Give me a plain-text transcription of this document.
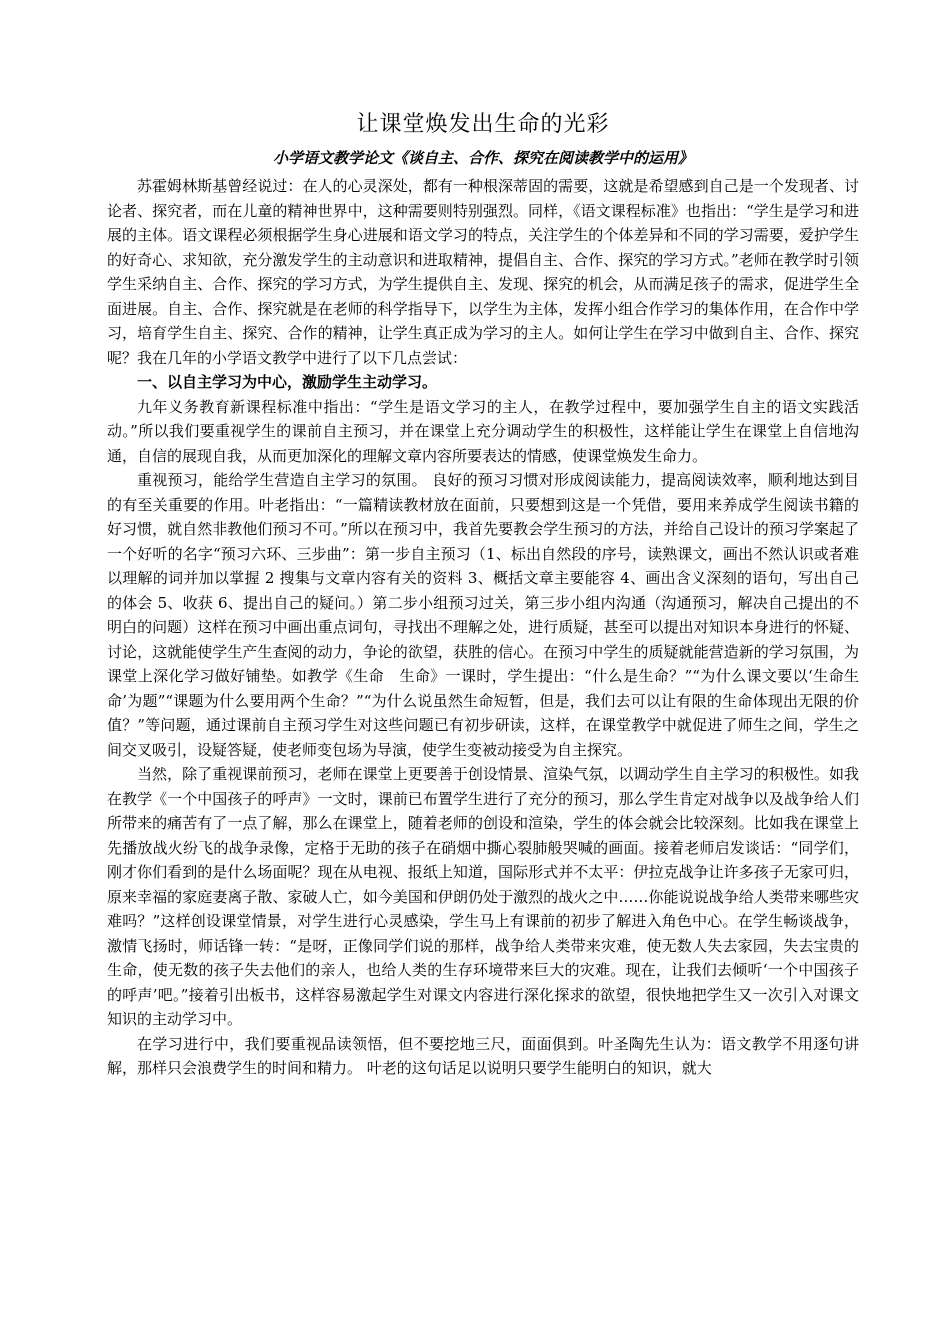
让课堂焕发出生命的光彩
小学语文教学论文《谈自主、合作、探究在阅读教学中的运用》

苏霍姆林斯基曾经说过：在人的心灵深处，都有一种根深蒂固的需要，这就是希望感到自己是一个发现者、讨论者、探究者，而在儿童的精神世界中，这种需要则特别强烈。同样，《语文课程标准》也指出：“学生是学习和进展的主体。语文课程必须根据学生身心进展和语文学习的特点，关注学生的个体差异和不同的学习需要，爱护学生的好奇心、求知欲，充分激发学生的主动意识和进取精神，提倡自主、合作、探究的学习方式。”老师在教学时引领学生采纳自主、合作、探究的学习方式，为学生提供自主、发现、探究的机会，从而满足孩子的需求，促进学生全面进展。自主、合作、探究就是在老师的科学指导下，以学生为主体，发挥小组合作学习的集体作用，在合作中学习，培育学生自主、探究、合作的精神，让学生真正成为学习的主人。如何让学生在学习中做到自主、合作、探究呢？我在几年的小学语文教学中进行了以下几点尝试：

一、以自主学习为中心，激励学生主动学习。

九年义务教育新课程标准中指出：“学生是语文学习的主人，在教学过程中，要加强学生自主的语文实践活动。”所以我们要重视学生的课前自主预习，并在课堂上充分调动学生的积极性，这样能让学生在课堂上自信地沟通，自信的展现自我，从而更加深化的理解文章内容所要表达的情感，使课堂焕发生命力。

重视预习，能给学生营造自主学习的氛围。 良好的预习习惯对形成阅读能力，提高阅读效率，顺利地达到目的有至关重要的作用。叶老指出：“一篇精读教材放在面前，只要想到这是一个凭借，要用来养成学生阅读书籍的好习惯，就自然非教他们预习不可。”所以在预习中，我首先要教会学生预习的方法，并给自己设计的预习学案起了一个好听的名字“预习六环、三步曲”：第一步自主预习（1、标出自然段的序号，读熟课文，画出不然认识或者难以理解的词并加以掌握 2 搜集与文章内容有关的资料 3、概括文章主要能容 4、画出含义深刻的语句，写出自己的体会 5、收获 6、提出自己的疑问。）第二步小组预习过关，第三步小组内沟通（沟通预习，解决自己提出的不明白的问题）这样在预习中画出重点词句，寻找出不理解之处，进行质疑，甚至可以提出对知识本身进行的怀疑、讨论，这就能使学生产生查阅的动力，争论的欲望，获胜的信心。在预习中学生的质疑就能营造新的学习氛围，为课堂上深化学习做好铺垫。如教学《生命　生命》一课时，学生提出：“什么是生命？”“为什么课文要以‘生命生命’为题”“课题为什么要用两个生命？”“为什么说虽然生命短暂，但是，我们去可以让有限的生命体现出无限的价值？”等问题，通过课前自主预习学生对这些问题已有初步研读，这样，在课堂教学中就促进了师生之间，学生之间交叉吸引，设疑答疑，使老师变包场为导演，使学生变被动接受为自主探究。

当然，除了重视课前预习，老师在课堂上更要善于创设情景、渲染气氛，以调动学生自主学习的积极性。如我在教学《一个中国孩子的呼声》一文时，课前已布置学生进行了充分的预习，那么学生肯定对战争以及战争给人们所带来的痛苦有了一点了解，那么在课堂上，随着老师的创设和渲染，学生的体会就会比较深刻。比如我在课堂上先播放战火纷飞的战争录像，定格于无助的孩子在硝烟中撕心裂肺般哭喊的画面。接着老师启发谈话：“同学们，刚才你们看到的是什么场面呢？现在从电视、报纸上知道，国际形式并不太平：伊拉克战争让许多孩子无家可归，原来幸福的家庭妻离子散、家破人亡，如今美国和伊朗仍处于激烈的战火之中……你能说说战争给人类带来哪些灾难吗？”这样创设课堂情景，对学生进行心灵感染，学生马上有课前的初步了解进入角色中心。在学生畅谈战争，激情飞扬时，师话锋一转：“是呀，正像同学们说的那样，战争给人类带来灾难，使无数人失去家园，失去宝贵的生命，使无数的孩子失去他们的亲人，也给人类的生存环境带来巨大的灾难。现在，让我们去倾听‘一个中国孩子的呼声’吧。”接着引出板书，这样容易激起学生对课文内容进行深化探求的欲望，很快地把学生又一次引入对课文知识的主动学习中。

在学习进行中，我们要重视品读领悟，但不要挖地三尺，面面俱到。叶圣陶先生认为：语文教学不用逐句讲解，那样只会浪费学生的时间和精力。 叶老的这句话足以说明只要学生能明白的知识，就大
